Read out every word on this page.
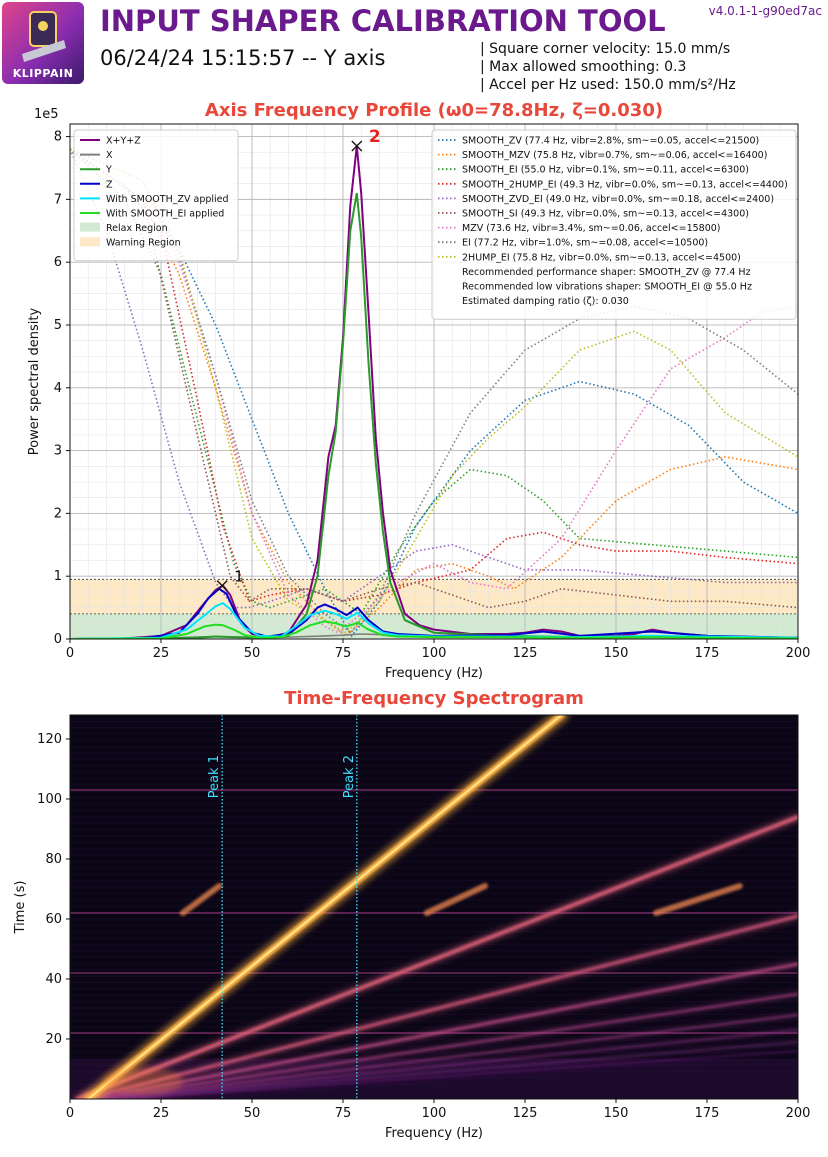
KLIPPAIN
INPUT SHAPER CALIBRATION TOOL	v4.0.1-1-g90ed7ac
06/24/24 15:15:57 -- Y axis	| Square corner velocity: 15.0 mm/s
| Max allowed smoothing: 0.3
| Accel per Hz used: 150.0 mm/s²/Hz
Axis Frequency Profile (ω0=78.8Hz, ζ=0.030)
Time-Frequency Spectrogram
0	25	50	75	100	125	150	175	200
0
1
2
3
4
5
6
7
8
1e5
Frequency (Hz)
Power spectral density
1
2
X+Y+Z
X
Y
Z
With SMOOTH_ZV applied
With SMOOTH_EI applied
Relax Region
Warning Region
SMOOTH_ZV (77.4 Hz, vibr=2.8%, sm~=0.05, accel<=21500)
SMOOTH_MZV (75.8 Hz, vibr=0.7%, sm~=0.06, accel<=16400)
SMOOTH_EI (55.0 Hz, vibr=0.1%, sm~=0.11, accel<=6300)
SMOOTH_2HUMP_EI (49.3 Hz, vibr=0.0%, sm~=0.13, accel<=4400)
SMOOTH_ZVD_EI (49.0 Hz, vibr=0.0%, sm~=0.18, accel<=2400)
SMOOTH_SI (49.3 Hz, vibr=0.0%, sm~=0.13, accel<=4300)
MZV (73.6 Hz, vibr=3.4%, sm~=0.06, accel<=15800)
EI (77.2 Hz, vibr=1.0%, sm~=0.08, accel<=10500)
2HUMP_EI (75.8 Hz, vibr=0.0%, sm~=0.13, accel<=4500)
Recommended performance shaper: SMOOTH_ZV @ 77.4 Hz
Recommended low vibrations shaper: SMOOTH_EI @ 55.0 Hz
Estimated damping ratio (ζ): 0.030
Peak 1	Peak 2
0	25	50	75	100	125	150	175	200
20
40
60
80
100
120
Frequency (Hz)
Time (s)
